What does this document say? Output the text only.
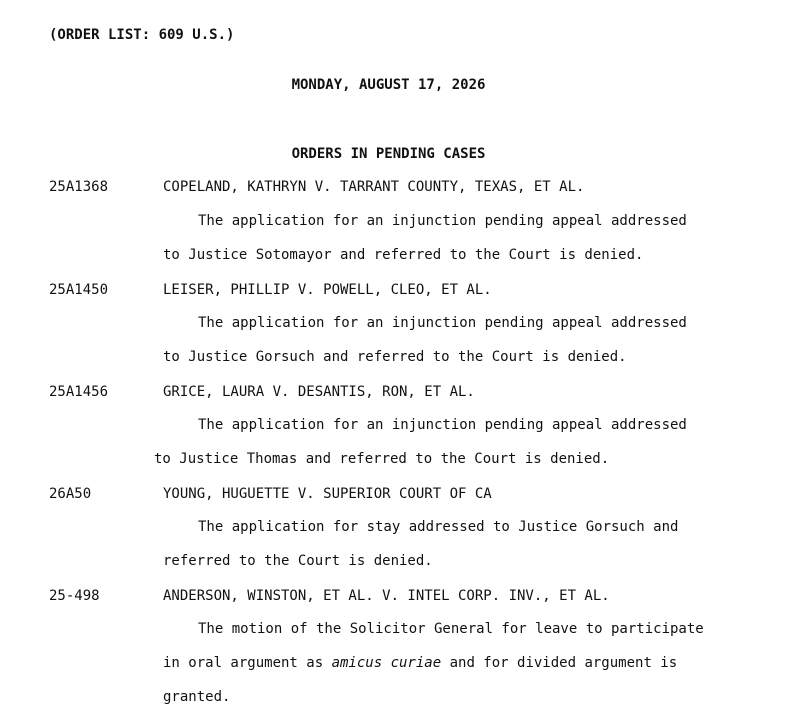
(ORDER LIST: 609 U.S.)
MONDAY, AUGUST 17, 2026
ORDERS IN PENDING CASES
25A1368	COPELAND, KATHRYN V. TARRANT COUNTY, TEXAS, ET AL.
The application for an injunction pending appeal addressed
to Justice Sotomayor and referred to the Court is denied.
25A1450	LEISER, PHILLIP V. POWELL, CLEO, ET AL.
The application for an injunction pending appeal addressed
to Justice Gorsuch and referred to the Court is denied.
25A1456	GRICE, LAURA V. DESANTIS, RON, ET AL.
The application for an injunction pending appeal addressed
to Justice Thomas and referred to the Court is denied.
26A50	YOUNG, HUGUETTE V. SUPERIOR COURT OF CA
The application for stay addressed to Justice Gorsuch and
referred to the Court is denied.
25-498	ANDERSON, WINSTON, ET AL. V. INTEL CORP. INV., ET AL.
The motion of the Solicitor General for leave to participate
in oral argument as amicus curiae and for divided argument is
granted.
